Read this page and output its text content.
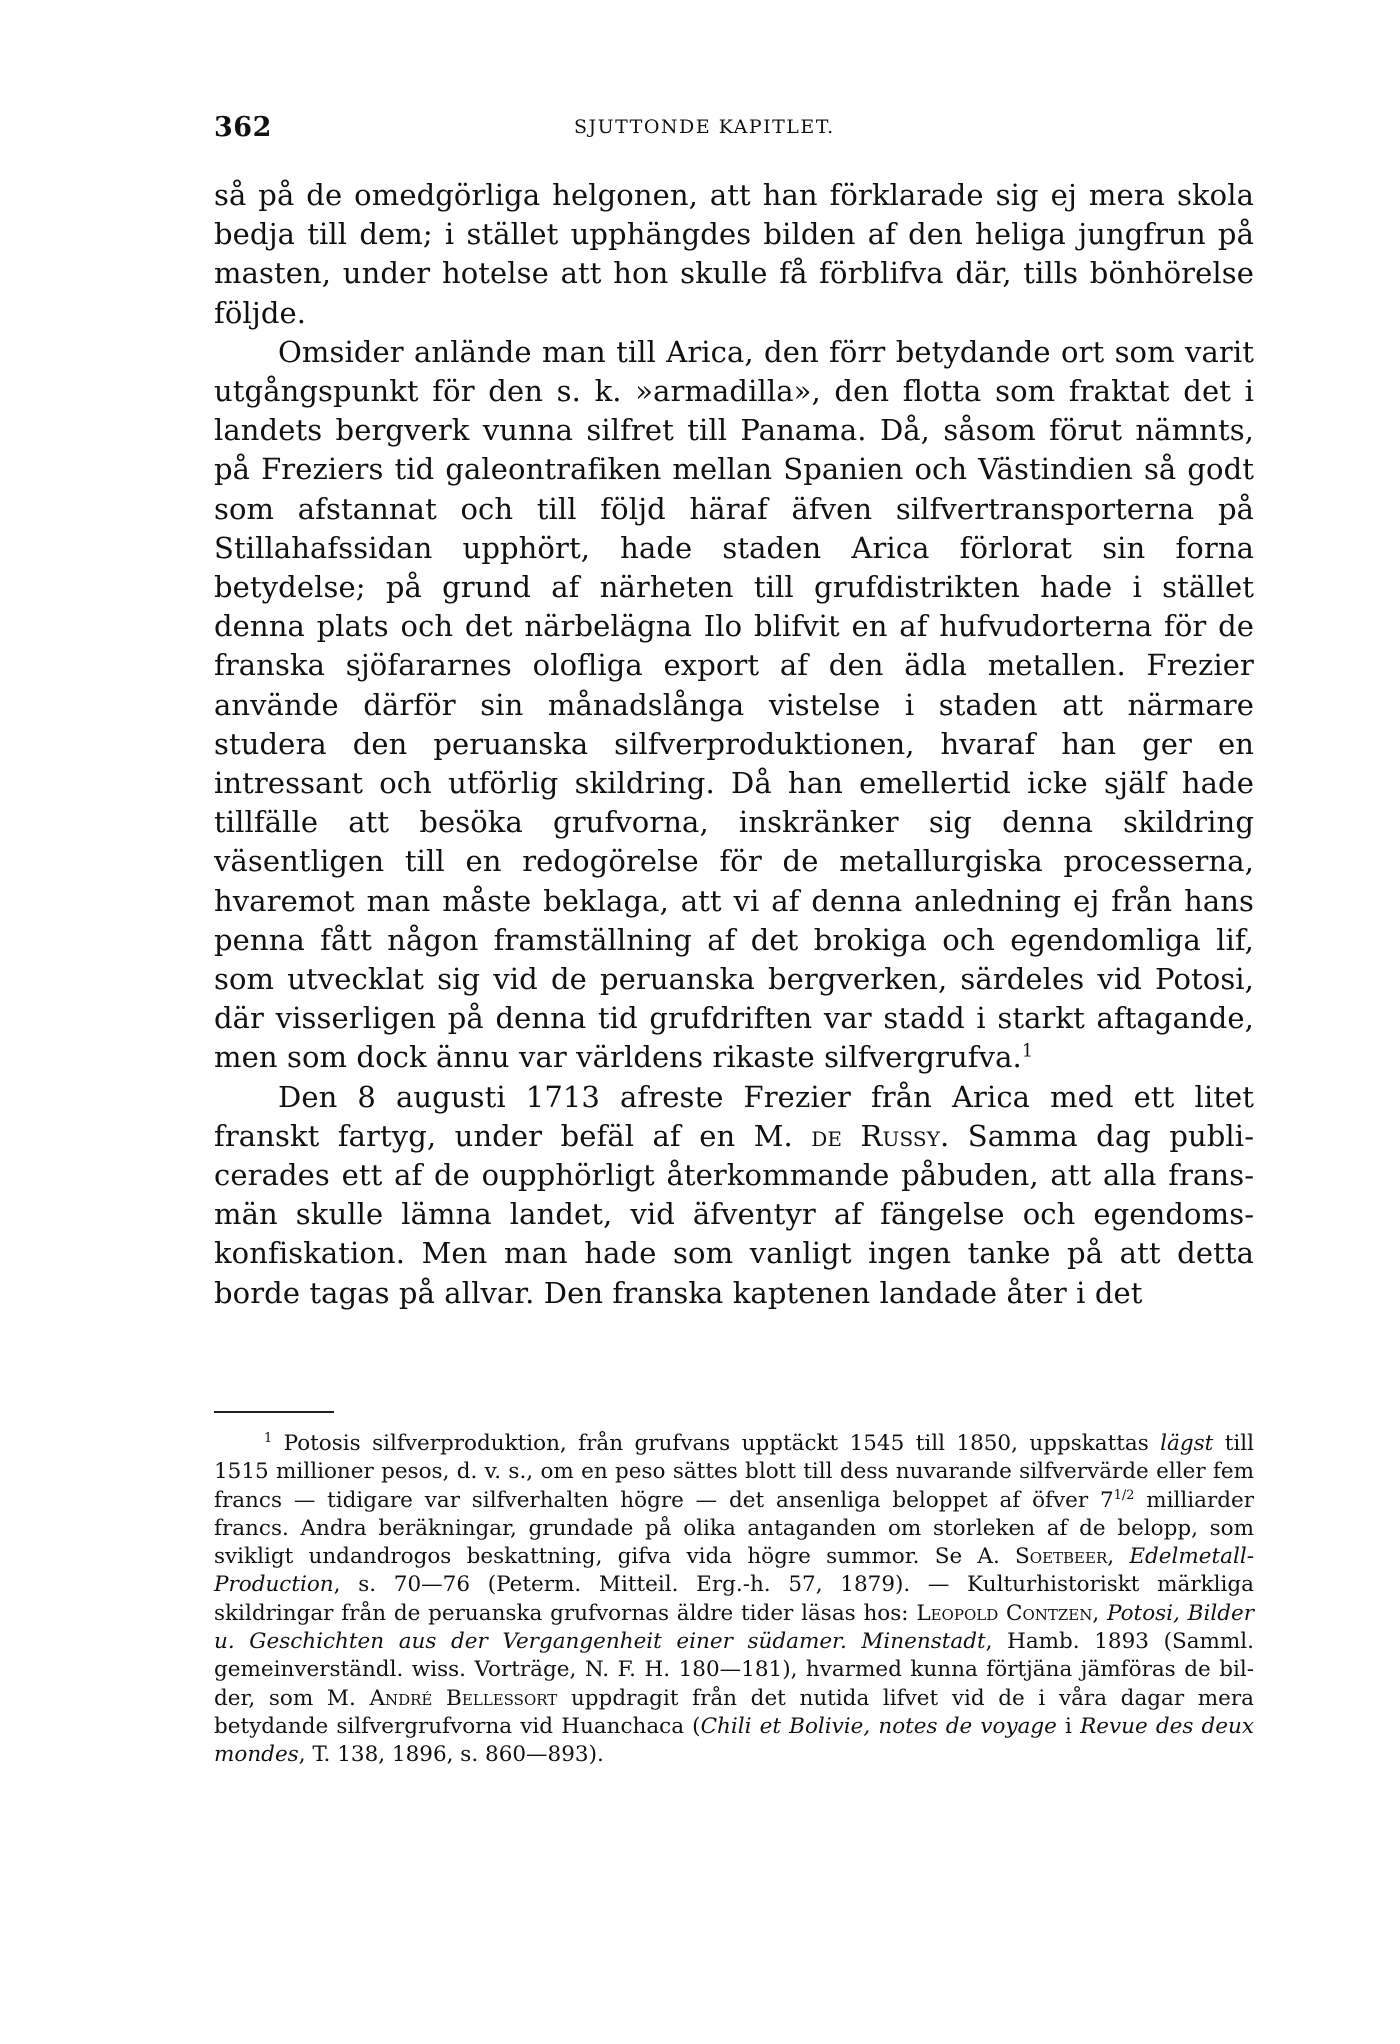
362	SJUTTONDE KAPITLET.

så på de omedgörliga helgonen, att han förklarade sig ej mera skola bedja till dem; i stället upphängdes bilden af den heliga jungfrun på masten, under hotelse att hon skulle få förblifva där, tills bönhörelse följde.

Omsider anlände man till Arica, den förr betydande ort som varit utgångspunkt för den s. k. »armadilla», den flotta som fraktat det i landets bergverk vunna silfret till Panama. Då, såsom förut nämnts, på Freziers tid galeontrafiken mellan Spanien och Västindien så godt som afstannat och till följd häraf äfven silfvertransporterna på Stillahafssidan upphört, hade staden Arica förlorat sin forna betydelse; på grund af närheten till grufdistrikten hade i stället denna plats och det närbelägna Ilo blifvit en af hufvudorterna för de franska sjöfararnes olofliga export af den ädla metallen. Frezier använde därför sin månadslånga vistelse i staden att närmare studera den peruanska silfverproduktionen, hvaraf han ger en intressant och utförlig skildring. Då han emellertid icke själf hade tillfälle att besöka grufvorna, inskränker sig denna skildring väsentligen till en redogörelse för de metallurgiska processerna, hvaremot man måste beklaga, att vi af denna anledning ej från hans penna fått någon framställning af det brokiga och egendomliga lif, som utvecklat sig vid de peruanska bergverken, särdeles vid Potosi, där visserligen på denna tid grufdriften var stadd i starkt aftagande, men som dock ännu var världens rikaste silfvergrufva.$^1$

Den 8 augusti 1713 afreste Frezier från Arica med ett litet franskt fartyg, under befäl af en M. de Russy. Samma dag publicerades ett af de oupphörligt återkommande påbuden, att alla fransmän skulle lämna landet, vid äfventyr af fängelse och egendomskonfiskation. Men man hade som vanligt ingen tanke på att detta borde tagas på allvar. Den franska kaptenen landade åter i det

$^1$ Potosis silfverproduktion, från grufvans upptäckt 1545 till 1850, uppskattas lägst till 1515 millioner pesos, d. v. s., om en peso sättes blott till dess nuvarande silfvervärde eller fem francs — tidigare var silfverhalten högre — det ansenliga beloppet af öfver $7^{1/2}$ milliarder francs. Andra beräkningar, grundade på olika antaganden om storleken af de belopp, som svikligt undandrogos beskattning, gifva vida högre summor. Se A. Soetbeer, Edelmetall-Production, s. 70—76 (Peterm. Mitteil. Erg.-h. 57, 1879). — Kulturhistoriskt märkliga skildringar från de peruanska grufvornas äldre tider läsas hos: Leopold Contzen, Potosi, Bilder u. Geschichten aus der Vergangenheit einer südamer. Minenstadt, Hamb. 1893 (Samml. gemeinverständl. wiss. Vorträge, N. F. H. 180—181), hvarmed kunna förtjäna jämföras de bilder, som M. André Bellessort uppdragit från det nutida lifvet vid de i våra dagar mera betydande silfvergrufvorna vid Huanchaca (Chili et Bolivie, notes de voyage i Revue des deux mondes, T. 138, 1896, s. 860—893).
